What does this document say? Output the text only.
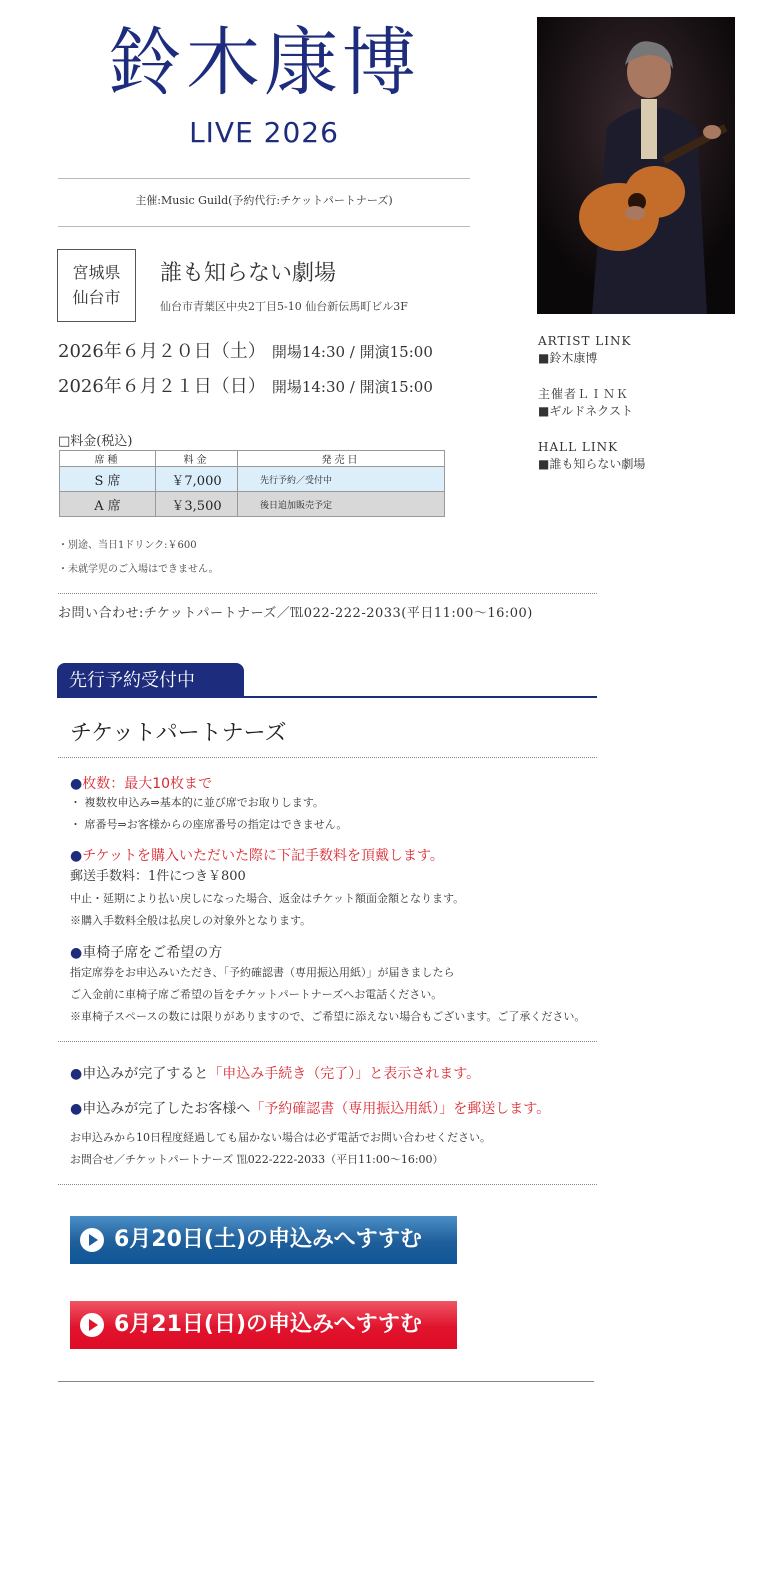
鈴木康博
LIVE 2026
主催:Music Guild(予約代行:チケットパートナーズ)
宮城県
仙台市
誰も知らない劇場
仙台市青葉区中央2丁目5-10 仙台新伝馬町ビル3F
2026年６月２０日（土） 開場14:30 / 開演15:00
2026年６月２１日（日） 開場14:30 / 開演15:00
ARTIST LINK
■鈴木康博
主催者ＬＩＮＫ
■ギルドネクスト
HALL LINK
■誰も知らない劇場
□料金(税込)
席種	料金	発売日
S 席	￥7,000	先行予約／受付中
A 席	￥3,500	後日追加販売予定
・別途、当日1ドリンク:￥600
・未就学児のご入場はできません。
お問い合わせ:チケットパートナーズ／℡022-222-2033(平日11:00〜16:00)
先行予約受付中
チケットパートナーズ
●枚数：最大10枚まで
・ 複数枚申込み⇒基本的に並び席でお取りします。
・ 席番号⇒お客様からの座席番号の指定はできません。
●チケットを購入いただいた際に下記手数料を頂戴します。
郵送手数料：1件につき￥800
中止・延期により払い戻しになった場合、返金はチケット額面金額となります。
※購入手数料全般は払戻しの対象外となります。
●車椅子席をご希望の方
指定席券をお申込みいただき、「予約確認書（専用振込用紙）」が届きましたら
ご入金前に車椅子席ご希望の旨をチケットパートナーズへお電話ください。
※車椅子スペースの数には限りがありますので、ご希望に添えない場合もございます。ご了承ください。
●申込みが完了すると「申込み手続き（完了）」と表示されます。
●申込みが完了したお客様へ「予約確認書（専用振込用紙）」を郵送します。
お申込みから10日程度経過しても届かない場合は必ず電話でお問い合わせください。
お問合せ／チケットパートナーズ ℡022-222-2033（平日11:00〜16:00）
6月20日(土)の申込みへすすむ
6月21日(日)の申込みへすすむ
